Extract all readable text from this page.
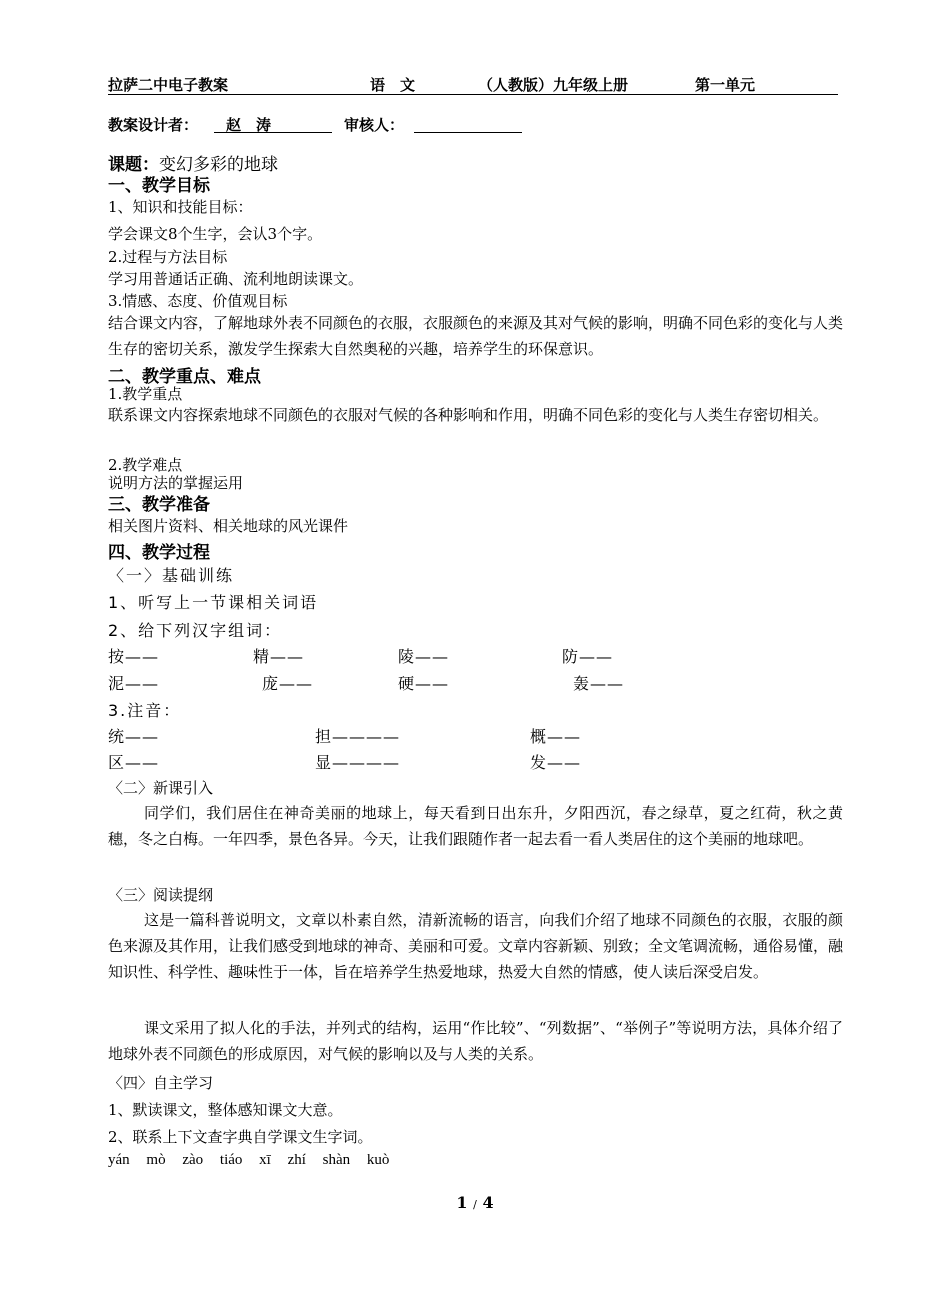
拉萨二中电子教案	语　文	（人教版）九年级上册	第一单元
教案设计者： 赵　涛	审核人：
课题：变幻多彩的地球
一、教学目标
1、知识和技能目标：
学会课文8个生字，会认3个字。
2.过程与方法目标
学习用普通话正确、流利地朗读课文。
3.情感、态度、价值观目标
结合课文内容，了解地球外表不同颜色的衣服，衣服颜色的来源及其对气候的影响，明确不同色彩的变化与人类生存的密切关系，激发学生探索大自然奥秘的兴趣，培养学生的环保意识。
二、教学重点、难点
1.教学重点
联系课文内容探索地球不同颜色的衣服对气候的各种影响和作用，明确不同色彩的变化与人类生存密切相关。
2.教学难点
说明方法的掌握运用
三、教学准备
相关图片资料、相关地球的风光课件
四、教学过程
〈一〉基础训练
1、听写上一节课相关词语
2、给下列汉字组词：
按——	精——	陵——	防——
泥——	庞——	硬——	轰——
3.注音：
统——	担————	概——
区——	显————	发——
〈二〉新课引入
同学们，我们居住在神奇美丽的地球上，每天看到日出东升，夕阳西沉，春之绿草，夏之红荷，秋之黄穗，冬之白梅。一年四季，景色各异。今天，让我们跟随作者一起去看一看人类居住的这个美丽的地球吧。
〈三〉阅读提纲
这是一篇科普说明文，文章以朴素自然，清新流畅的语言，向我们介绍了地球不同颜色的衣服，衣服的颜色来源及其作用，让我们感受到地球的神奇、美丽和可爱。文章内容新颖、别致；全文笔调流畅，通俗易懂，融知识性、科学性、趣味性于一体，旨在培养学生热爱地球，热爱大自然的情感，使人读后深受启发。
课文采用了拟人化的手法，并列式的结构，运用“作比较”、“列数据”、“举例子”等说明方法，具体介绍了地球外表不同颜色的形成原因，对气候的影响以及与人类的关系。
〈四〉自主学习
1、默读课文，整体感知课文大意。
2、联系上下文查字典自学课文生字词。
yán mò zào tiáo xī zhí shàn kuò
1 / 4
